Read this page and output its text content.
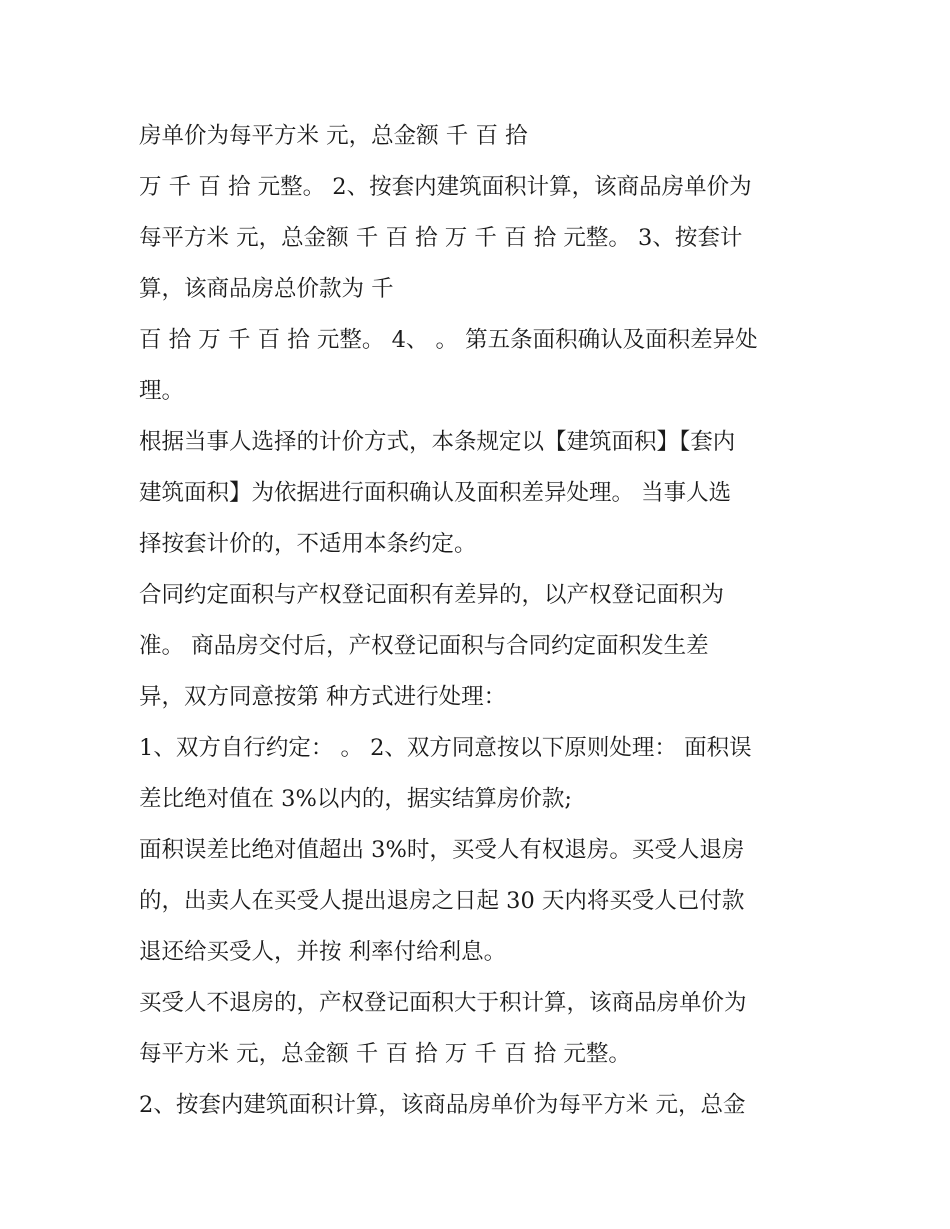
房单价为每平方米 元，总金额 千 百 拾
万 千 百 拾 元整。 2、按套内建筑面积计算，该商品房单价为
每平方米 元，总金额 千 百 拾 万 千 百 拾 元整。 3、按套计
算，该商品房总价款为 千
百 拾 万 千 百 拾 元整。 4、 。 第五条面积确认及面积差异处
理。
根据当事人选择的计价方式，本条规定以【建筑面积】【套内
建筑面积】为依据进行面积确认及面积差异处理。 当事人选
择按套计价的，不适用本条约定。
合同约定面积与产权登记面积有差异的，以产权登记面积为
准。 商品房交付后，产权登记面积与合同约定面积发生差
异，双方同意按第 种方式进行处理：
1、双方自行约定： 。 2、双方同意按以下原则处理： 面积误
差比绝对值在 3%以内的，据实结算房价款;
面积误差比绝对值超出 3%时，买受人有权退房。买受人退房
的，出卖人在买受人提出退房之日起 30 天内将买受人已付款
退还给买受人，并按 利率付给利息。
买受人不退房的，产权登记面积大于积计算，该商品房单价为
每平方米 元，总金额 千 百 拾 万 千 百 拾 元整。
2、按套内建筑面积计算，该商品房单价为每平方米 元，总金
